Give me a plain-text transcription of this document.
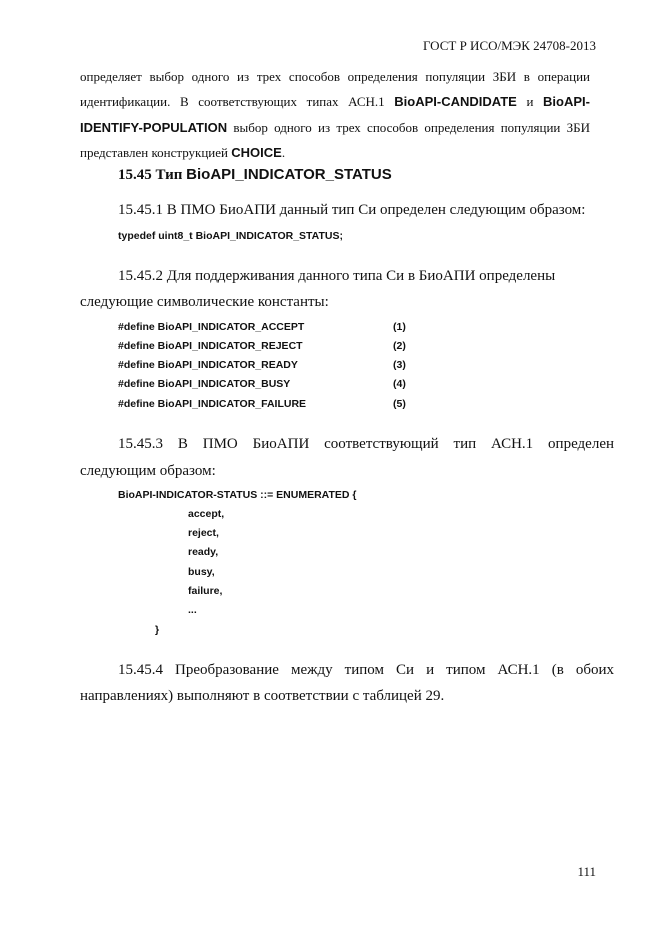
ГОСТ Р ИСО/МЭК 24708-2013
определяет выбор одного из трех способов определения популяции ЗБИ в операции идентификации. В соответствующих типах АСН.1 BioAPI-CANDIDATE и BioAPI-IDENTIFY-POPULATION выбор одного из трех способов определения популяции ЗБИ представлен конструкцией CHOICE.
15.45 Тип BioAPI_INDICATOR_STATUS
15.45.1 В ПМО БиоАПИ данный тип Си определен следующим образом:
typedef uint8_t BioAPI_INDICATOR_STATUS;
15.45.2 Для поддерживания данного типа Си в БиоАПИ определены
следующие символические константы:
#define BioAPI_INDICATOR_ACCEPT	(1)
#define BioAPI_INDICATOR_REJECT	(2)
#define BioAPI_INDICATOR_READY	(3)
#define BioAPI_INDICATOR_BUSY	(4)
#define BioAPI_INDICATOR_FAILURE	(5)
15.45.3 В ПМО БиоАПИ соответствующий тип АСН.1 определен
следующим образом:
BioAPI-INDICATOR-STATUS ::= ENUMERATED {
accept,
reject,
ready,
busy,
failure,
...
}
15.45.4 Преобразование между типом Си и типом АСН.1 (в обоих
направлениях) выполняют в соответствии с таблицей 29.
111
